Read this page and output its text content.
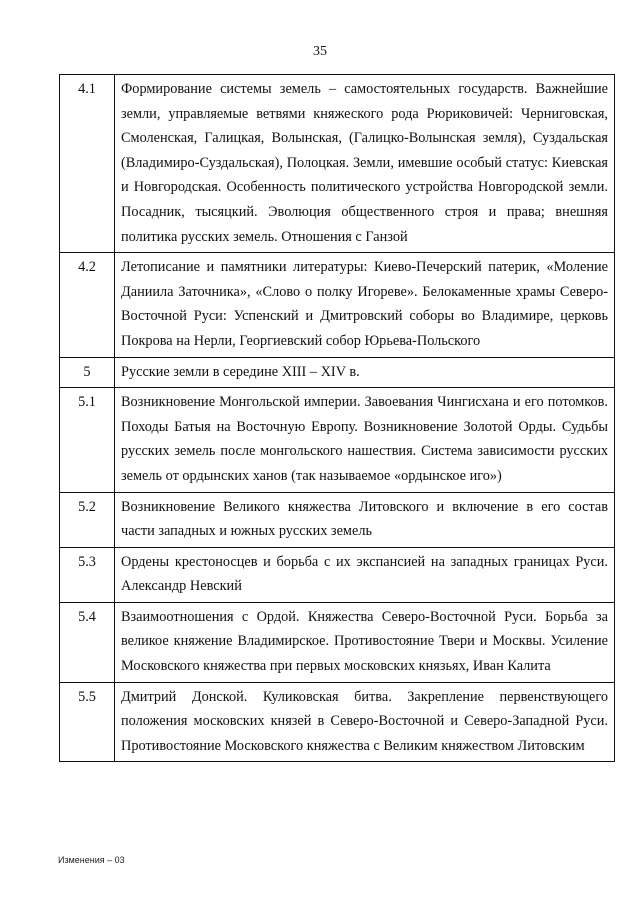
35
4.1	Формирование системы земель – самостоятельных государств. Важнейшие земли, управляемые ветвями княжеского рода Рюриковичей: Черниговская, Смоленская, Галицкая, Волынская, (Галицко-Волынская земля), Суздальская (Владимиро-Суздальская), Полоцкая. Земли, имевшие особый статус: Киевская и Новгородская. Особенность политического устройства Новгородской земли. Посадник, тысяцкий. Эволюция общественного строя и права; внешняя политика русских земель. Отношения с Ганзой
4.2	Летописание и памятники литературы: Киево-Печерский патерик, «Моление Даниила Заточника», «Слово о полку Игореве». Белокаменные храмы Северо-Восточной Руси: Успенский и Дмитровский соборы во Владимире, церковь Покрова на Нерли, Георгиевский собор Юрьева-Польского
5	Русские земли в середине XIII – XIV в.
5.1	Возникновение Монгольской империи. Завоевания Чингисхана и его потомков. Походы Батыя на Восточную Европу. Возникновение Золотой Орды. Судьбы русских земель после монгольского нашествия. Система зависимости русских земель от ордынских ханов (так называемое «ордынское иго»)
5.2	Возникновение Великого княжества Литовского и включение в его состав части западных и южных русских земель
5.3	Ордены крестоносцев и борьба с их экспансией на западных границах Руси. Александр Невский
5.4	Взаимоотношения с Ордой. Княжества Северо-Восточной Руси. Борьба за великое княжение Владимирское. Противостояние Твери и Москвы. Усиление Московского княжества при первых московских князьях, Иван Калита
5.5	Дмитрий Донской. Куликовская битва. Закрепление первенствующего положения московских князей в Северо-Восточной и Северо-Западной Руси. Противостояние Московского княжества с Великим княжеством Литовским
Изменения – 03
